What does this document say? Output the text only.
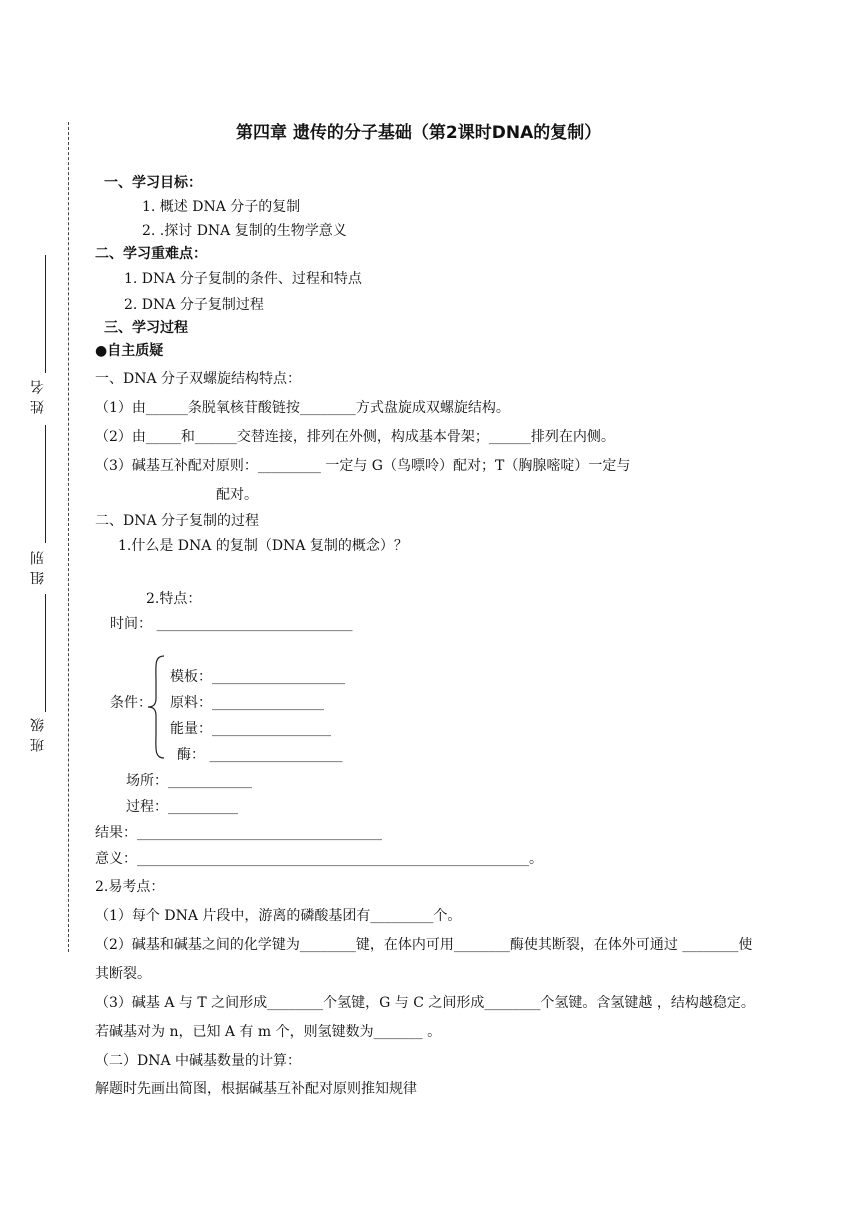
姓名
组别
班级
第四章 遗传的分子基础（第2课时DNA的复制）
一、学习目标：
1. 概述 DNA 分子的复制
2. .探讨 DNA 复制的生物学意义
二、学习重难点：
1. DNA 分子复制的条件、过程和特点
2. DNA 分子复制过程
三、学习过程
●自主质疑
一、DNA 分子双螺旋结构特点：
（1）由______条脱氧核苷酸链按________方式盘旋成双螺旋结构。
（2）由_____和______交替连接，排列在外侧，构成基本骨架；______排列在内侧。
（3）碱基互补配对原则：_________ 一定与 G（鸟嘌呤）配对；T（胸腺嘧啶）一定与
配对。
二、DNA 分子复制的过程
1.什么是 DNA 的复制（DNA 复制的概念）？
2.特点：
时间： ____________________________
条件：
模板：___________________
原料：________________
能量：_________________
酶： ___________________
场所：____________
过程：__________
结果：___________________________________
意义：________________________________________________________。
2.易考点：
（1）每个 DNA 片段中，游离的磷酸基团有_________个。
（2）碱基和碱基之间的化学键为________键，在体内可用________酶使其断裂，在体外可通过 ________使
其断裂。
（3）碱基 A 与 T 之间形成________个氢键，G 与 C 之间形成________个氢键。含氢键越 ，结构越稳定。
若碱基对为 n，已知 A 有 m 个，则氢键数为_______ 。
（二）DNA 中碱基数量的计算：
解题时先画出简图，根据碱基互补配对原则推知规律
